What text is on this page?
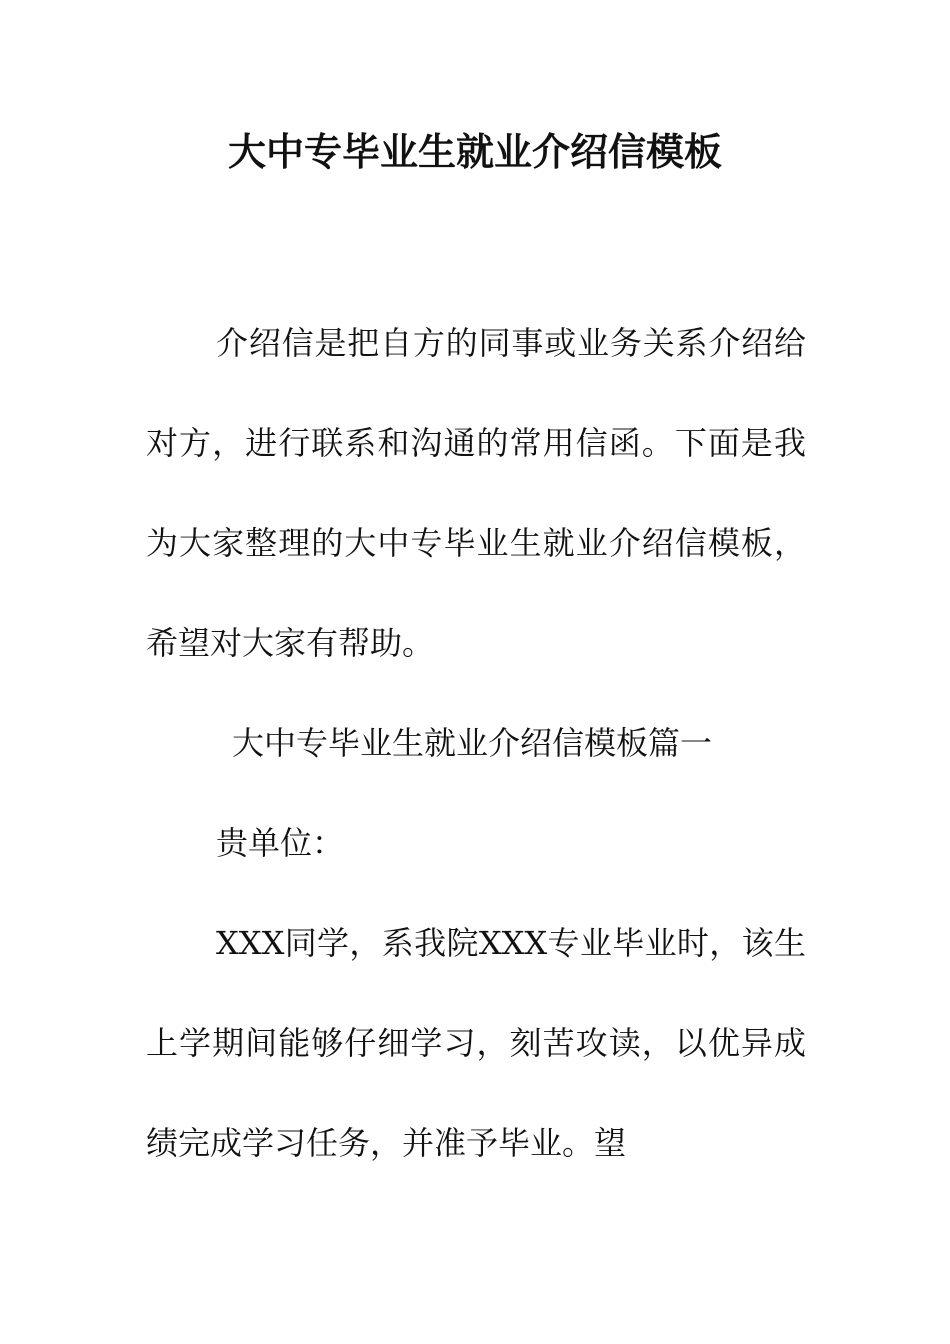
大中专毕业生就业介绍信模板

介绍信是把自方的同事或业务关系介绍给对方，进行联系和沟通的常用信函。下面是我为大家整理的大中专毕业生就业介绍信模板，希望对大家有帮助。

大中专毕业生就业介绍信模板篇一

贵单位：

XXX同学，系我院XXX专业毕业时，该生上学期间能够仔细学习，刻苦攻读，以优异成绩完成学习任务，并准予毕业。望
